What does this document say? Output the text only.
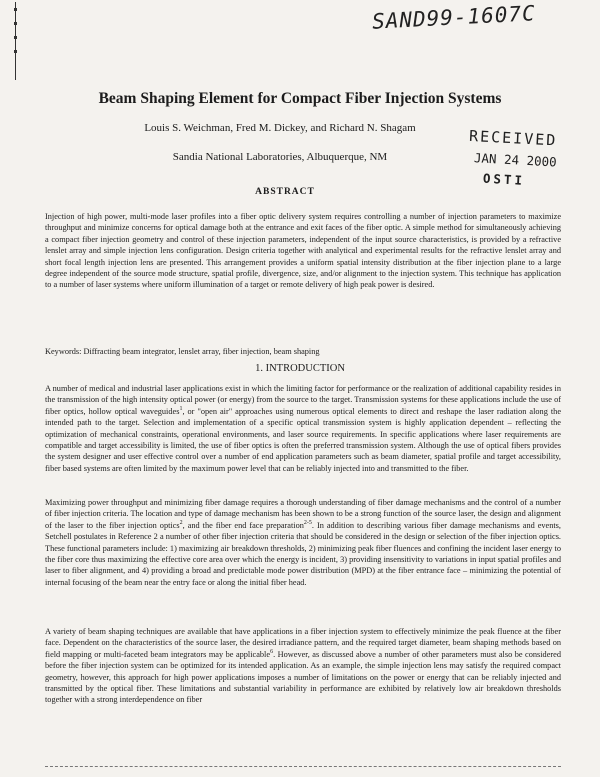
SAND99-1607C
Beam Shaping Element for Compact Fiber Injection Systems
Louis S. Weichman, Fred M. Dickey, and Richard N. Shagam
Sandia National Laboratories, Albuquerque, NM
RECEIVED
JAN 24 2000
OSTI
ABSTRACT
Injection of high power, multi-mode laser profiles into a fiber optic delivery system requires controlling a number of injection parameters to maximize throughput and minimize concerns for optical damage both at the entrance and exit faces of the fiber optic. A simple method for simultaneously achieving a compact fiber injection geometry and control of these injection parameters, independent of the input source characteristics, is provided by a refractive lenslet array and simple injection lens configuration. Design criteria together with analytical and experimental results for the refractive lenslet array and short focal length injection lens are presented. This arrangement provides a uniform spatial intensity distribution at the fiber injection plane to a large degree independent of the source mode structure, spatial profile, divergence, size, and/or alignment to the injection system. This technique has application to a number of laser systems where uniform illumination of a target or remote delivery of high peak power is desired.
Keywords: Diffracting beam integrator, lenslet array, fiber injection, beam shaping
1. INTRODUCTION
A number of medical and industrial laser applications exist in which the limiting factor for performance or the realization of additional capability resides in the transmission of the high intensity optical power (or energy) from the source to the target. Transmission systems for these applications include the use of fiber optics, hollow optical waveguides$^1$, or "open air" approaches using numerous optical elements to direct and reshape the laser radiation along the intended path to the target. Selection and implementation of a specific optical transmission system is highly application dependent – reflecting the optimization of mechanical constraints, operational environments, and laser source requirements. In specific applications where laser requirements are compatible and target accessibility is limited, the use of fiber optics is often the preferred transmission system. Although the use of optical fibers provides the system designer and user effective control over a number of end application parameters such as beam diameter, spatial profile and target accessibility, fiber based systems are often limited by the maximum power level that can be reliably injected into and transmitted to the fiber.
Maximizing power throughput and minimizing fiber damage requires a thorough understanding of fiber damage mechanisms and the control of a number of fiber injection criteria. The location and type of damage mechanism has been shown to be a strong function of the source laser, the design and alignment of the laser to the fiber injection optics$^2$, and the fiber end face preparation$^{2-5}$. In addition to describing various fiber damage mechanisms and events, Setchell postulates in Reference 2 a number of other fiber injection criteria that should be considered in the design or selection of the fiber injection optics. These functional parameters include: 1) maximizing air breakdown thresholds, 2) minimizing peak fiber fluences and confining the incident laser energy to the fiber core thus maximizing the effective core area over which the energy is incident, 3) providing insensitivity to variations in input spatial profiles and laser to fiber alignment, and 4) providing a broad and predictable mode power distribution (MPD) at the fiber entrance face – minimizing the potential of internal focusing of the beam near the entry face or along the initial fiber head.
A variety of beam shaping techniques are available that have applications in a fiber injection system to effectively minimize the peak fluence at the fiber face. Dependent on the characteristics of the source laser, the desired irradiance pattern, and the required target diameter, beam shaping methods based on field mapping or multi-faceted beam integrators may be applicable$^6$. However, as discussed above a number of other parameters must also be considered before the fiber injection system can be optimized for its intended application. As an example, the simple injection lens may satisfy the required compact geometry, however, this approach for high power applications imposes a number of limitations on the power or energy that can be reliably injected and transmitted by the optical fiber. These limitations and substantial variability in performance are exhibited by relatively low air breakdown thresholds together with a strong interdependence on fiber
